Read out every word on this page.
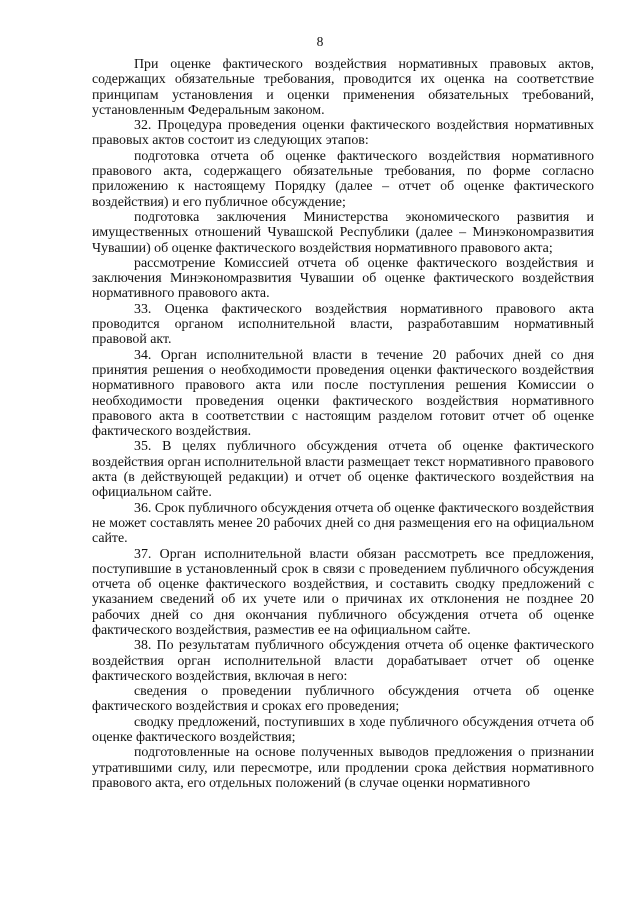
8

При оценке фактического воздействия нормативных правовых актов, содержащих обязательные требования, проводится их оценка на соответствие принципам установления и оценки применения обязательных требований, установленным Федеральным законом.

32. Процедура проведения оценки фактического воздействия нормативных правовых актов состоит из следующих этапов:

подготовка отчета об оценке фактического воздействия нормативного правового акта, содержащего обязательные требования, по форме согласно приложению к настоящему Порядку (далее – отчет об оценке фактического воздействия) и его публичное обсуждение;

подготовка заключения Министерства экономического развития и имущественных отношений Чувашской Республики (далее – Минэкономразвития Чувашии) об оценке фактического воздействия нормативного правового акта;

рассмотрение Комиссией отчета об оценке фактического воздействия и заключения Минэкономразвития Чувашии об оценке фактического воздействия нормативного правового акта.

33. Оценка фактического воздействия нормативного правового акта проводится органом исполнительной власти, разработавшим нормативный правовой акт.

34. Орган исполнительной власти в течение 20 рабочих дней со дня принятия решения о необходимости проведения оценки фактического воздействия нормативного правового акта или после поступления решения Комиссии о необходимости проведения оценки фактического воздействия нормативного правового акта в соответствии с настоящим разделом готовит отчет об оценке фактического воздействия.

35. В целях публичного обсуждения отчета об оценке фактического воздействия орган исполнительной власти размещает текст нормативного правового акта (в действующей редакции) и отчет об оценке фактического воздействия на официальном сайте.

36. Срок публичного обсуждения отчета об оценке фактического воздействия не может составлять менее 20 рабочих дней со дня размещения его на официальном сайте.

37. Орган исполнительной власти обязан рассмотреть все предложения, поступившие в установленный срок в связи с проведением публичного обсуждения отчета об оценке фактического воздействия, и составить сводку предложений с указанием сведений об их учете или о причинах их отклонения не позднее 20 рабочих дней со дня окончания публичного обсуждения отчета об оценке фактического воздействия, разместив ее на официальном сайте.

38. По результатам публичного обсуждения отчета об оценке фактического воздействия орган исполнительной власти дорабатывает отчет об оценке фактического воздействия, включая в него:

сведения о проведении публичного обсуждения отчета об оценке фактического воздействия и сроках его проведения;

сводку предложений, поступивших в ходе публичного обсуждения отчета об оценке фактического воздействия;

подготовленные на основе полученных выводов предложения о признании утратившими силу, или пересмотре, или продлении срока действия нормативного правового акта, его отдельных положений (в случае оценки нормативного
